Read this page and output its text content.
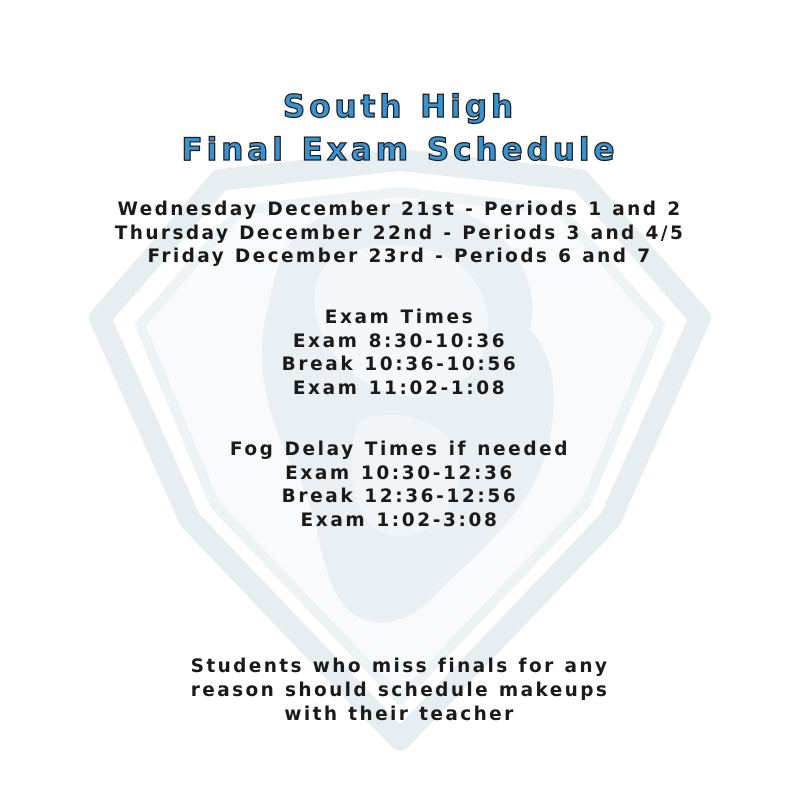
South High
Final Exam Schedule
Wednesday December 21st - Periods 1 and 2
Thursday December 22nd - Periods 3 and 4/5
Friday December 23rd - Periods 6 and 7
Exam Times
Exam 8:30-10:36
Break 10:36-10:56
Exam 11:02-1:08
Fog Delay Times if needed
Exam 10:30-12:36
Break 12:36-12:56
Exam 1:02-3:08
Students who miss finals for any
reason should schedule makeups
with their teacher
